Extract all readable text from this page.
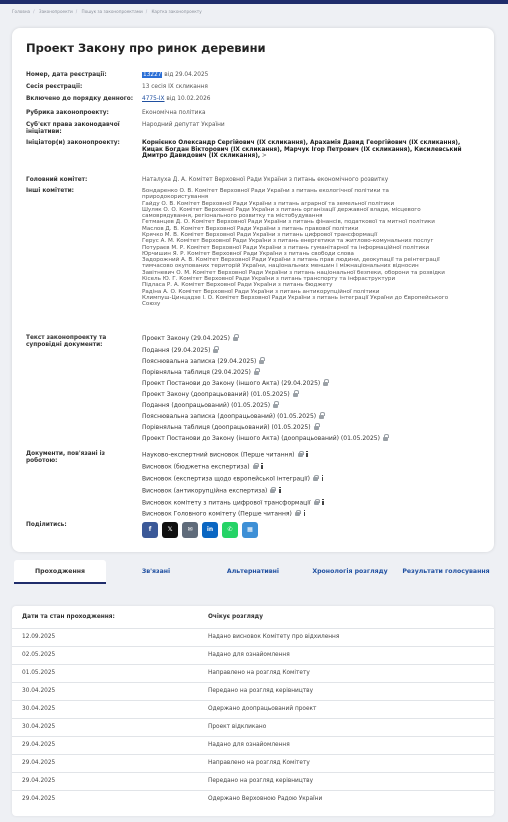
Головна / Законопроекти / Пошук за законопроектами / Картка законопроекту
Проект Закону про ринок деревини
Номер, дата реєстрації:	13227 від 29.04.2025
Сесія реєстрації:	13 сесія IX скликання
Включено до порядку денного:	4775-IX від 10.02.2026
Рубрика законопроекту:	Економічна політика
Суб'єкт права законодавчої ініціативи:
Народний депутат України
Ініціатор(и) законопроекту:	Корнієнко Олександр Сергійович (IX скликання), Арахамія Давид Георгійович (IX скликання), Кицак Богдан Вікторович (IX скликання), Марчук Ігор Петрович (IX скликання), Кисилевський Дмитро Давидович (IX скликання), >
Головний комітет:	Наталуха Д. А. Комітет Верховної Ради України з питань економічного розвитку
Інші комітети:	Бондаренко О. В. Комітет Верховної Ради України з питань екологічної політики та
природокористування
Гайду О. В. Комітет Верховної Ради України з питань аграрної та земельної політики
Шуляк О. О. Комітет Верховної Ради України з питань організації державної влади, місцевого
самоврядування, регіонального розвитку та містобудування
Гетманцев Д. О. Комітет Верховної Ради України з питань фінансів, податкової та митної політики
Маслов Д. В. Комітет Верховної Ради України з питань правової політики
Крячко М. В. Комітет Верховної Ради України з питань цифрової трансформації
Герус А. М. Комітет Верховної Ради України з питань енергетики та житлово-комунальних послуг
Потураєв М. Р. Комітет Верховної Ради України з питань гуманітарної та інформаційної політики
Юрчишин Я. Р. Комітет Верховної Ради України з питань свободи слова
Задорожний А. В. Комітет Верховної Ради України з питань прав людини, деокупації та реінтеграції
тимчасово окупованих територій України, національних меншин і міжнаціональних відносин
Завітневич О. М. Комітет Верховної Ради України з питань національної безпеки, оборони та розвідки
Кісель Ю. Г. Комітет Верховної Ради України з питань транспорту та інфраструктури
Підласа Р. А. Комітет Верховної Ради України з питань бюджету
Радіна А. О. Комітет Верховної Ради України з питань антикорупційної політики
Климпуш-Цинцадзе І. О. Комітет Верховної Ради України з питань інтеграції України до Європейського
Союзу
Текст законопроекту та супровідні документи:
Проект Закону (29.04.2025)
Подання (29.04.2025)
Пояснювальна записка (29.04.2025)
Порівняльна таблиця (29.04.2025)
Проект Постанови до Закону (іншого Акта) (29.04.2025)
Проект Закону (доопрацьований) (01.05.2025)
Подання (доопрацьований) (01.05.2025)
Пояснювальна записка (доопрацьований) (01.05.2025)
Порівняльна таблиця (доопрацьований) (01.05.2025)
Проект Постанови до Закону (іншого Акта) (доопрацьований) (01.05.2025)
Документи, пов'язані із роботою:
Науково-експертний висновок (Перше читання)
Висновок (бюджетна експертиза)
Висновок (експертиза щодо європейської інтеграції)
Висновок (антикорупційна експертиза)
Висновок комітету з питань цифрової трансформації
Висновок Головного комітету (Перше читання)
Поділитись:
f	𝕏	✉	in	✆	▦
Проходження	Зв'язані	Альтернативні	Хронологія розгляду	Результати голосування
Дати та стан проходження:	Очікує розгляду
12.09.2025	Надано висновок Комітету про відхилення
02.05.2025	Надано для ознайомлення
01.05.2025	Направлено на розгляд Комітету
30.04.2025	Передано на розгляд керівництву
30.04.2025	Одержано доопрацьований проект
30.04.2025	Проект відкликано
29.04.2025	Надано для ознайомлення
29.04.2025	Направлено на розгляд Комітету
29.04.2025	Передано на розгляд керівництву
29.04.2025	Одержано Верховною Радою України
